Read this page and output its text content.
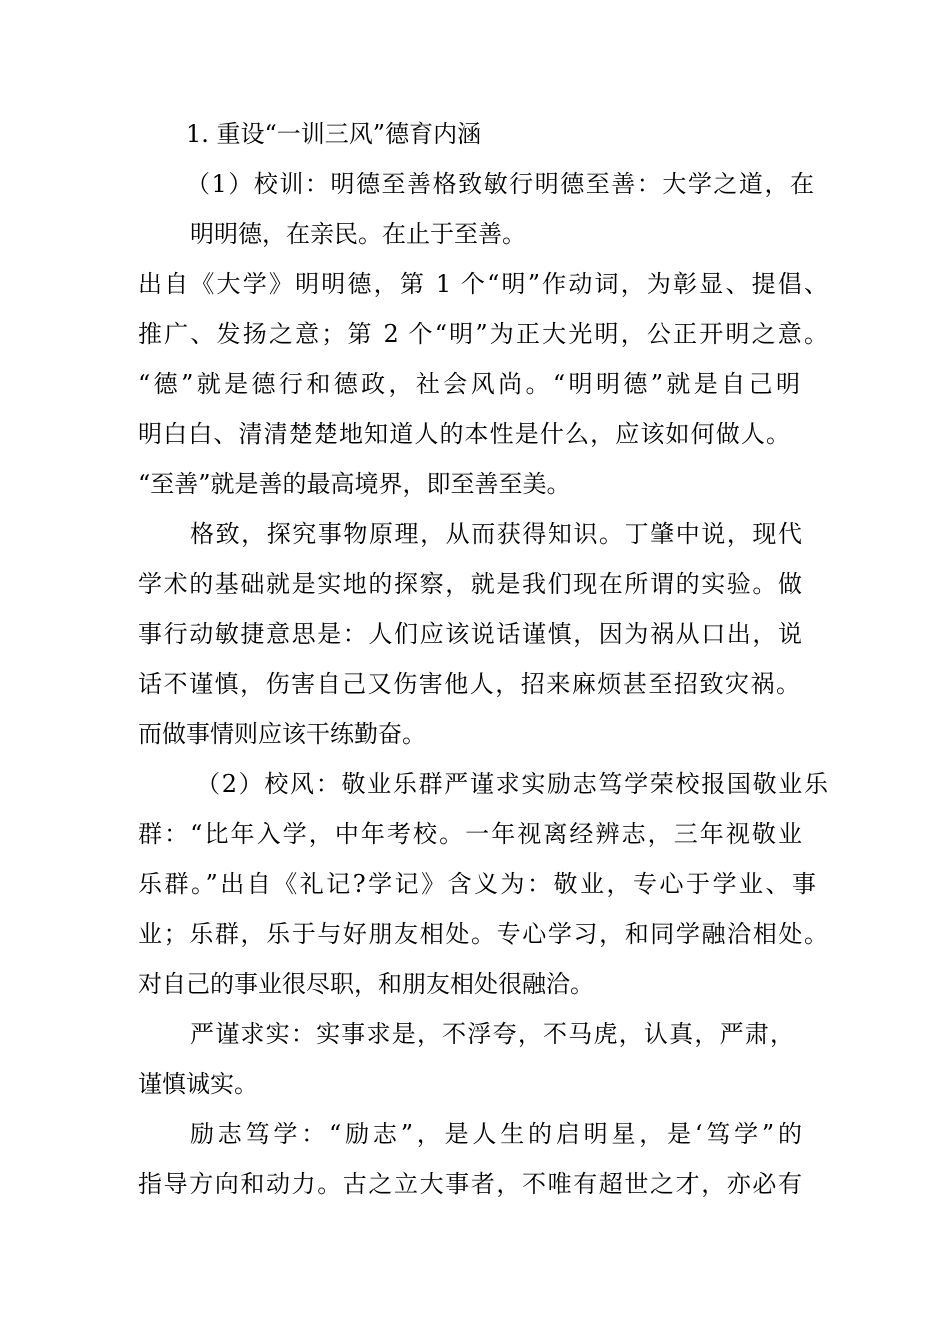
1. 重设“一训三风”德育内涵
（1）校训：明德至善格致敏行明德至善：大学之道，在
明明德，在亲民。在止于至善。
出自《大学》明明德，第 1 个“明”作动词，为彰显、提倡、
推广、发扬之意；第 2 个“明”为正大光明，公正开明之意。
“德”就是德行和德政，社会风尚。“明明德”就是自己明
明白白、清清楚楚地知道人的本性是什么，应该如何做人。
“至善”就是善的最高境界，即至善至美。
格致，探究事物原理，从而获得知识。丁肇中说，现代
学术的基础就是实地的探察，就是我们现在所谓的实验。做
事行动敏捷意思是：人们应该说话谨慎，因为祸从口出，说
话不谨慎，伤害自己又伤害他人，招来麻烦甚至招致灾祸。
而做事情则应该干练勤奋。
（2）校风：敬业乐群严谨求实励志笃学荣校报国敬业乐
群：“比年入学，中年考校。一年视离经辨志，三年视敬业
乐群。”出自《礼记?学记》含义为：敬业，专心于学业、事
业；乐群，乐于与好朋友相处。专心学习，和同学融洽相处。
对自己的事业很尽职，和朋友相处很融洽。
严谨求实：实事求是，不浮夸，不马虎，认真，严肃，
谨慎诚实。
励志笃学：“励志”，是人生的启明星，是‘笃学”的
指导方向和动力。古之立大事者，不唯有超世之才，亦必有
